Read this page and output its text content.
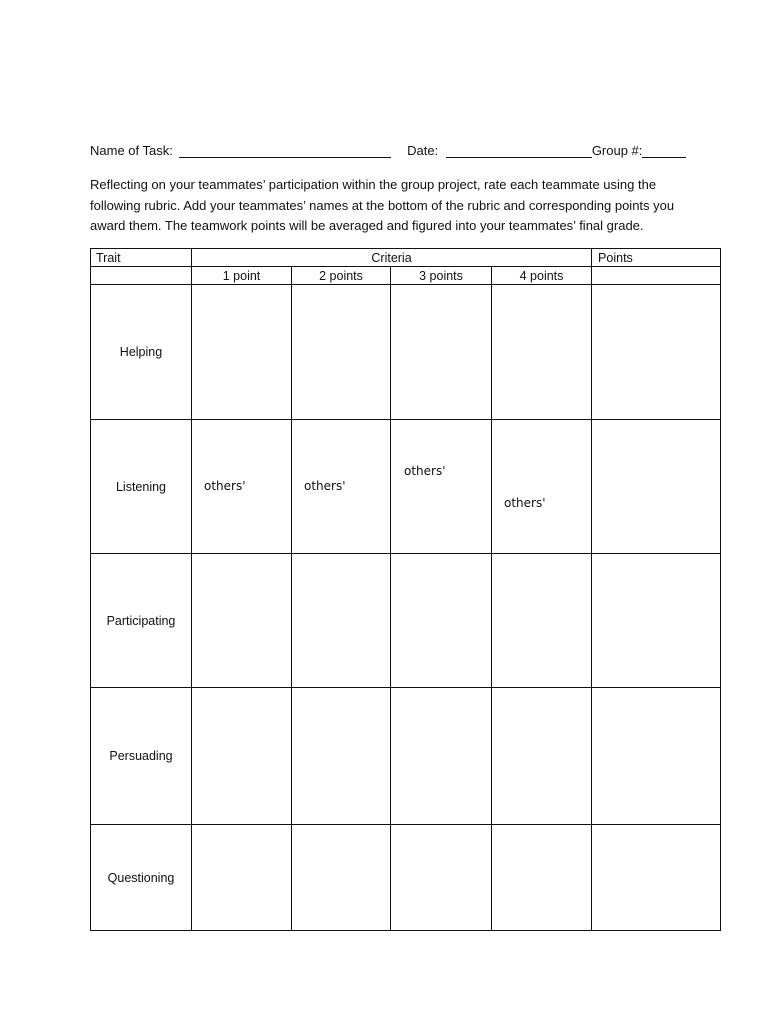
Name of Task:	Date:	Group #:
Reflecting on your teammates’ participation within the group project, rate each teammate using the following rubric. Add your teammates’ names at the bottom of the rubric and corresponding points you award them. The teamwork points will be averaged and figured into your teammates’ final grade.
Trait	Criteria				Points
	1 point	2 points	3 points	4 points	
Helping					
Listening	others'	others'	others'	others'	

Participating					
Persuading					
Questioning					
